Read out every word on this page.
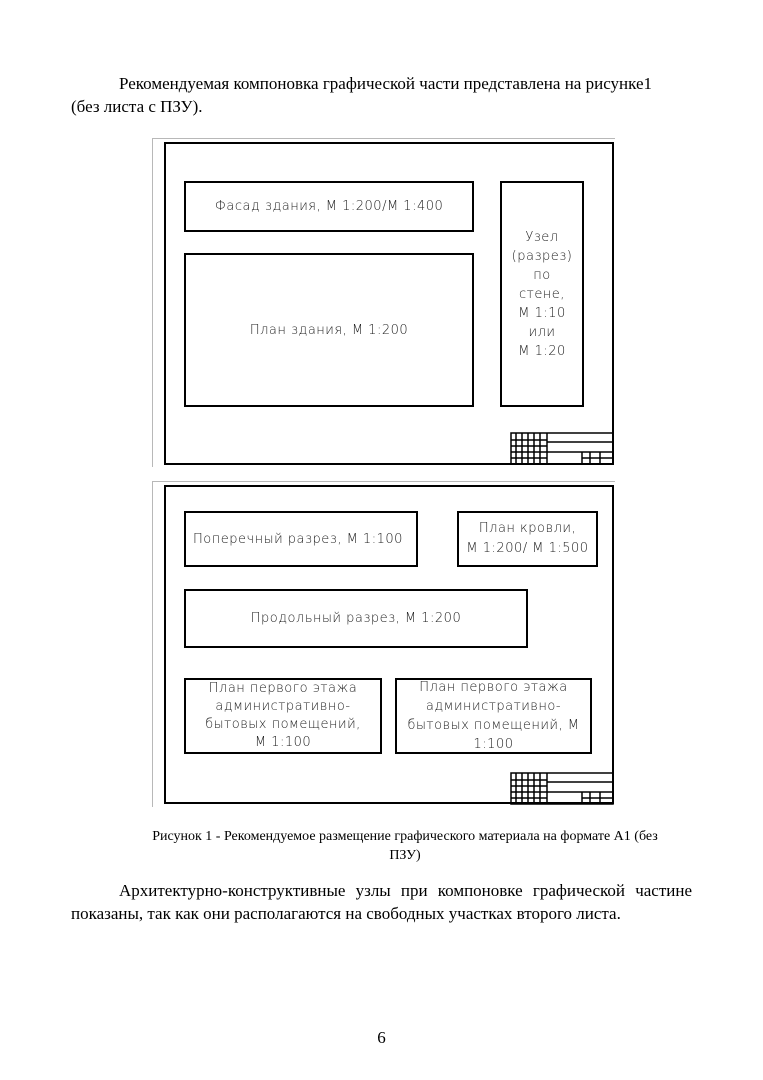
Рекомендуемая компоновка графической части представлена на рисунке1
(без листа с ПЗУ).

Фасад здания, М 1:200/М 1:400
План здания, М 1:200
Узел
(разрез)
по
стене,
М 1:10
или
М 1:20
Поперечный разрез, М 1:100
План кровли,
М 1:200/ М 1:500
Продольный разрез, М 1:200
План первого этажа
административно-
бытовых помещений,
М 1:100
План первого этажа
административно-
бытовых помещений, М 1:100
Рисунок 1 - Рекомендуемое размещение графического материала на формате А1 (без
ПЗУ)

Архитектурно-конструктивные узлы при компоновке графической частине показаны, так как они располагаются на свободных участках второго листа.

6
